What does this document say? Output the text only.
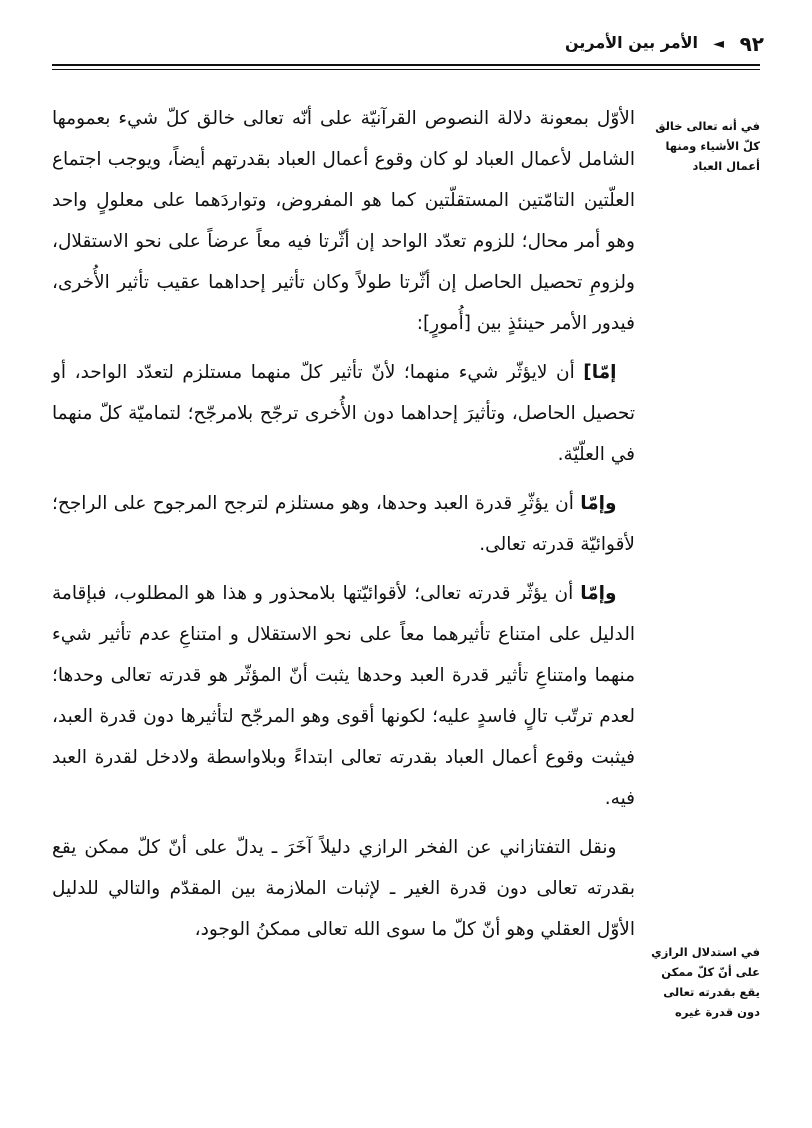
٩٢
◄
الأمر بين الأمرين
في أنه تعالى خالق كلّ الأشياء ومنها أعمال العباد
في استدلال الرازي على أنّ كلّ ممكن يقع بقدرته تعالى دون قدرة غيره

الأوّل بمعونة دلالة النصوص القرآنيّة على أنّه تعالى خالق كلّ شيء بعمومها الشامل لأعمال العباد لو كان وقوع أعمال العباد بقدرتهم أيضاً، ويوجب اجتماع العلّتين التامّتين المستقلّتين كما هو المفروض، وتواردَهما على معلولٍ واحد وهو أمر محال؛ للزوم تعدّد الواحد إن أثّرتا فيه معاً عرضاً على نحو الاستقلال، ولزومِ تحصيل الحاصل إن أثّرتا طولاً وكان تأثير إحداهما عقيب تأثير الأُخرى، فيدور الأمر حينئذٍ بين [أُمورٍ]:

إمّا] أن لايؤثّر شيء منهما؛ لأنّ تأثير كلّ منهما مستلزم لتعدّد الواحد، أو تحصيل الحاصل، وتأثيرَ إحداهما دون الأُخرى ترجّح بلامرجّح؛ لتماميّة كلّ منهما في العلّيّة.

وإمّا أن يؤثّرِ قدرة العبد وحدها، وهو مستلزم لترجح المرجوح على الراجح؛ لأقوائيّة قدرته تعالى.

وإمّا أن يؤثّر قدرته تعالى؛ لأقوائيّتها بلامحذور و هذا هو المطلوب، فبإقامة الدليل على امتناع تأثيرهما معاً على نحو الاستقلال و امتناعِ عدم تأثير شيء منهما وامتناعِ تأثير قدرة العبد وحدها يثبت أنّ المؤثّر هو قدرته تعالى وحدها؛ لعدم ترتّب تالٍ فاسدٍ عليه؛ لكونها أقوى وهو المرجّح لتأثيرها دون قدرة العبد، فيثبت وقوع أعمال العباد بقدرته تعالى ابتداءً وبلاواسطة ولادخل لقدرة العبد فيه.

ونقل التفتازاني عن الفخر الرازي دليلاً آخَرَ ـ يدلّ على أنّ كلّ ممكن يقع بقدرته تعالى دون قدرة الغير ـ لإثبات الملازمة بين المقدّم والتالي للدليل الأوّل العقلي وهو أنّ كلّ ما سوى الله تعالى ممكنُ الوجود،
